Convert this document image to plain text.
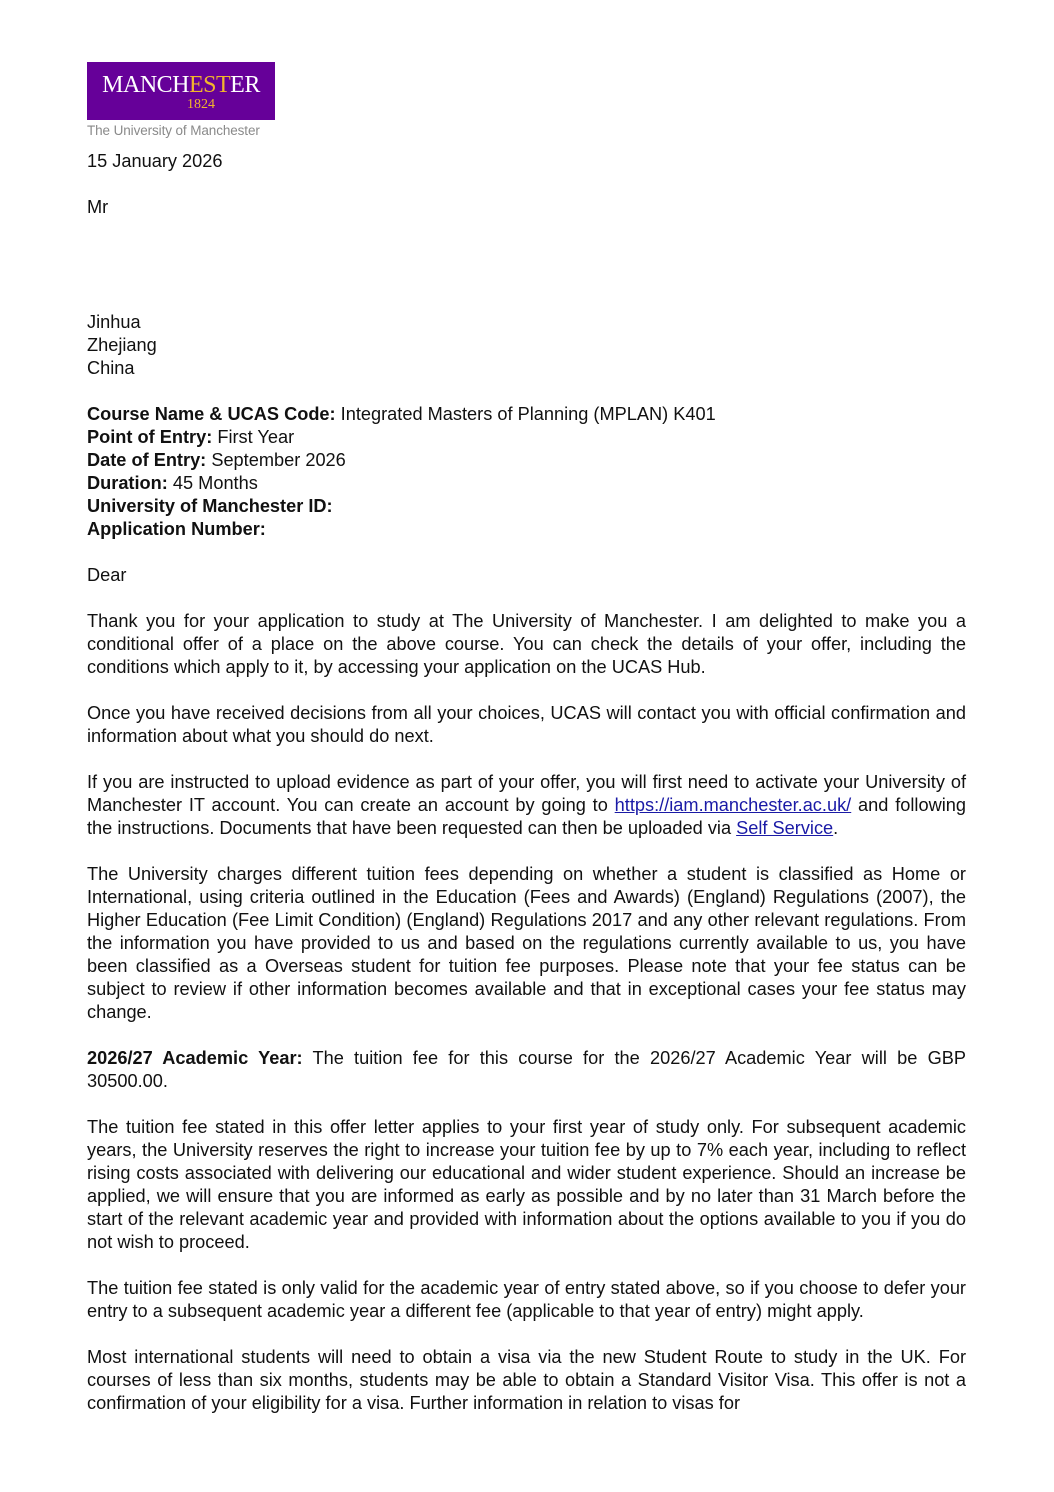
MANCHESTER
1824
The University of Manchester

15 January 2026

Mr

Jinhua

Zhejiang

China

Course Name & UCAS Code: Integrated Masters of Planning (MPLAN) K401

Point of Entry: First Year

Date of Entry: September 2026

Duration: 45 Months

University of Manchester ID:

Application Number:

Dear

Thank you for your application to study at The University of Manchester. I am delighted to make you a conditional offer of a place on the above course. You can check the details of your offer, including the conditions which apply to it, by accessing your application on the UCAS Hub.

Once you have received decisions from all your choices, UCAS will contact you with official confirmation and information about what you should do next.

If you are instructed to upload evidence as part of your offer, you will first need to activate your University of Manchester IT account. You can create an account by going to https://iam.manchester.ac.uk/ and following the instructions. Documents that have been requested can then be uploaded via Self Service.

The University charges different tuition fees depending on whether a student is classified as Home or International, using criteria outlined in the Education (Fees and Awards) (England) Regulations (2007), the Higher Education (Fee Limit Condition) (England) Regulations 2017 and any other relevant regulations. From the information you have provided to us and based on the regulations currently available to us, you have been classified as a Overseas student for tuition fee purposes. Please note that your fee status can be subject to review if other information becomes available and that in exceptional cases your fee status may change.

2026/27 Academic Year: The tuition fee for this course for the 2026/27 Academic Year will be GBP 30500.00.

The tuition fee stated in this offer letter applies to your first year of study only. For subsequent academic years, the University reserves the right to increase your tuition fee by up to 7% each year, including to reflect rising costs associated with delivering our educational and wider student experience. Should an increase be applied, we will ensure that you are informed as early as possible and by no later than 31 March before the start of the relevant academic year and provided with information about the options available to you if you do not wish to proceed.

The tuition fee stated is only valid for the academic year of entry stated above, so if you choose to defer your entry to a subsequent academic year a different fee (applicable to that year of entry) might apply.

Most international students will need to obtain a visa via the new Student Route to study in the UK. For courses of less than six months, students may be able to obtain a Standard Visitor Visa. This offer is not a confirmation of your eligibility for a visa. Further information in relation to visas for
